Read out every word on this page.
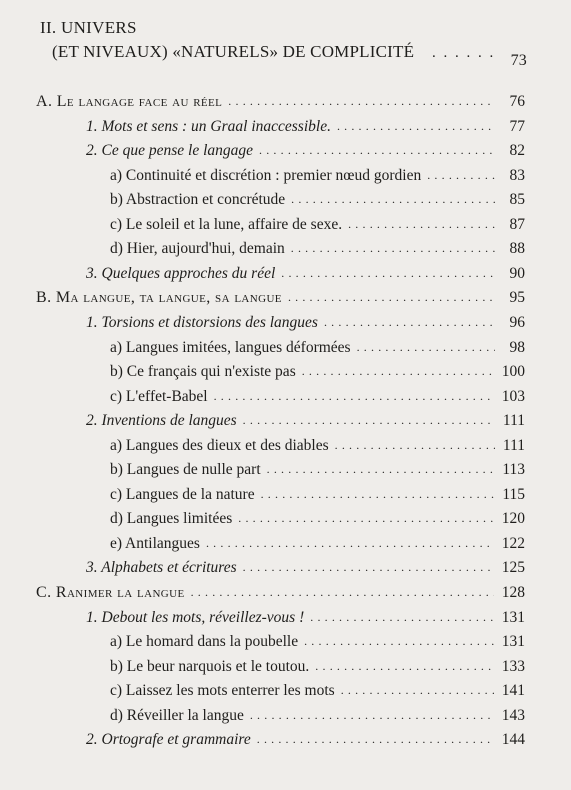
II. UNIVERS
(ET NIVEAUX) «NATURELS» DE COMPLICITÉ . . . . . . 73
A. Le langage face au réel . . .	76
1. Mots et sens : un Graal inaccessible. . . .	77
2. Ce que pense le langage . . .	82
a) Continuité et discrétion : premier nœud gordien . . .	83
b) Abstraction et concrétude . . .	85
c) Le soleil et la lune, affaire de sexe. . . .	87
d) Hier, aujourd'hui, demain . . .	88
3. Quelques approches du réel . . .	90
B. Ma langue, ta langue, sa langue . . .	95
1. Torsions et distorsions des langues . . .	96
a) Langues imitées, langues déformées . . .	98
b) Ce français qui n'existe pas . . .	100
c) L'effet-Babel . . .	103
2. Inventions de langues . . .	111
a) Langues des dieux et des diables . . .	111
b) Langues de nulle part . . .	113
c) Langues de la nature . . .	115
d) Langues limitées . . .	120
e) Antilangues . . .	122
3. Alphabets et écritures . . .	125
C. Ranimer la langue . . .	128
1. Debout les mots, réveillez-vous ! . . .	131
a) Le homard dans la poubelle . . .	131
b) Le beur narquois et le toutou. . . .	133
c) Laissez les mots enterrer les mots . . .	141
d) Réveiller la langue . . .	143
2. Ortografe et grammaire . . .	144
